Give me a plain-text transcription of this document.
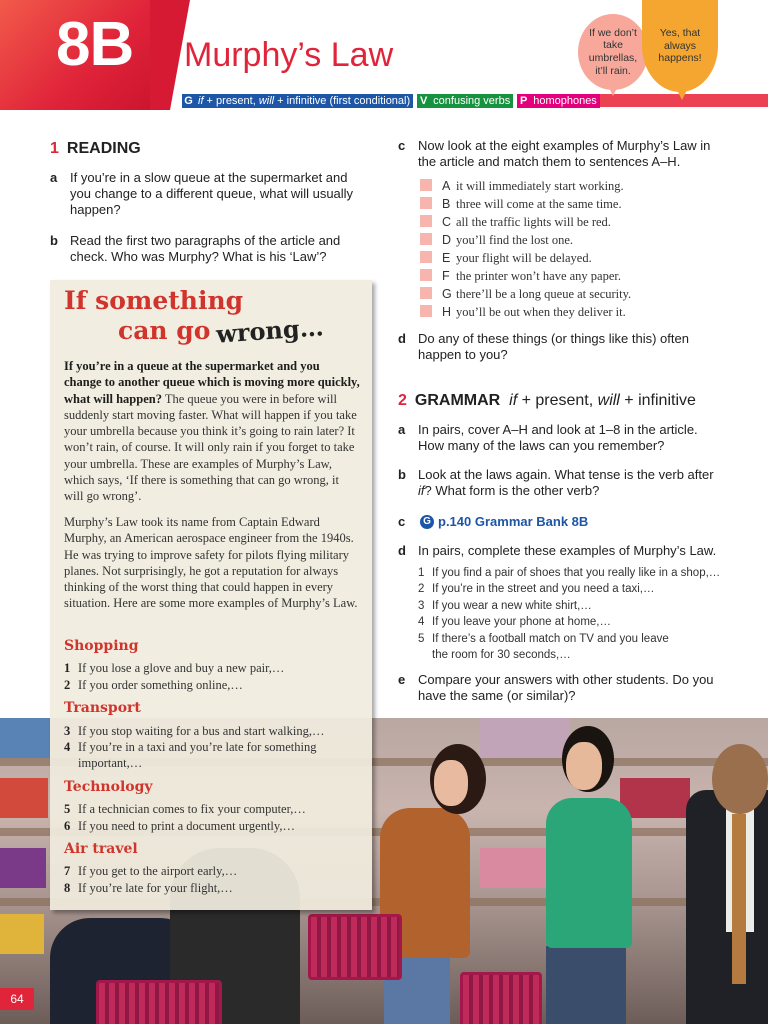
8B Murphy’s Law
G if + present, will + infinitive (first conditional) V confusing verbs P homophones
If we don’t take umbrellas, it’ll rain.
Yes, that always happens!
1 READING
a If you’re in a slow queue at the supermarket and you change to a different queue, what will usually happen?
b Read the first two paragraphs of the article and check. Who was Murphy? What is his ‘Law’?
If something
can go wrong…
If you’re in a queue at the supermarket and you change to another queue which is moving more quickly, what will happen? The queue you were in before will suddenly start moving faster. What will happen if you take your umbrella because you think it’s going to rain later? It won’t rain, of course. It will only rain if you forget to take your umbrella. These are examples of Murphy’s Law, which says, ‘If there is something that can go wrong, it will go wrong’.
Murphy’s Law took its name from Captain Edward Murphy, an American aerospace engineer from the 1940s. He was trying to improve safety for pilots flying military planes. Not surprisingly, he got a reputation for always thinking of the worst thing that could happen in every situation. Here are some more examples of Murphy’s Law.
Shopping
1 If you lose a glove and buy a new pair,…
2 If you order something online,…
Transport
3 If you stop waiting for a bus and start walking,…
4 If you’re in a taxi and you’re late for something
important,…
Technology
5 If a technician comes to fix your computer,…
6 If you need to print a document urgently,…
Air travel
7 If you get to the airport early,…
8 If you’re late for your flight,…
c Now look at the eight examples of Murphy’s Law in the article and match them to sentences A–H.
A it will immediately start working.
B three will come at the same time.
C all the traffic lights will be red.
D you’ll find the lost one.
E your flight will be delayed.
F the printer won’t have any paper.
G there’ll be a long queue at security.
H you’ll be out when they deliver it.
d Do any of these things (or things like this) often happen to you?
2 GRAMMAR if + present, will + infinitive
a In pairs, cover A–H and look at 1–8 in the article. How many of the laws can you remember?
b Look at the laws again. What tense is the verb after if? What form is the other verb?
c	G p.140 Grammar Bank 8B
d In pairs, complete these examples of Murphy’s Law.
1 If you find a pair of shoes that you really like in a shop,…
2 If you’re in the street and you need a taxi,…
3 If you wear a new white shirt,…
4 If you leave your phone at home,…
5 If there’s a football match on TV and you leave
the room for 30 seconds,…
e Compare your answers with other students. Do you have the same (or similar)?
64
